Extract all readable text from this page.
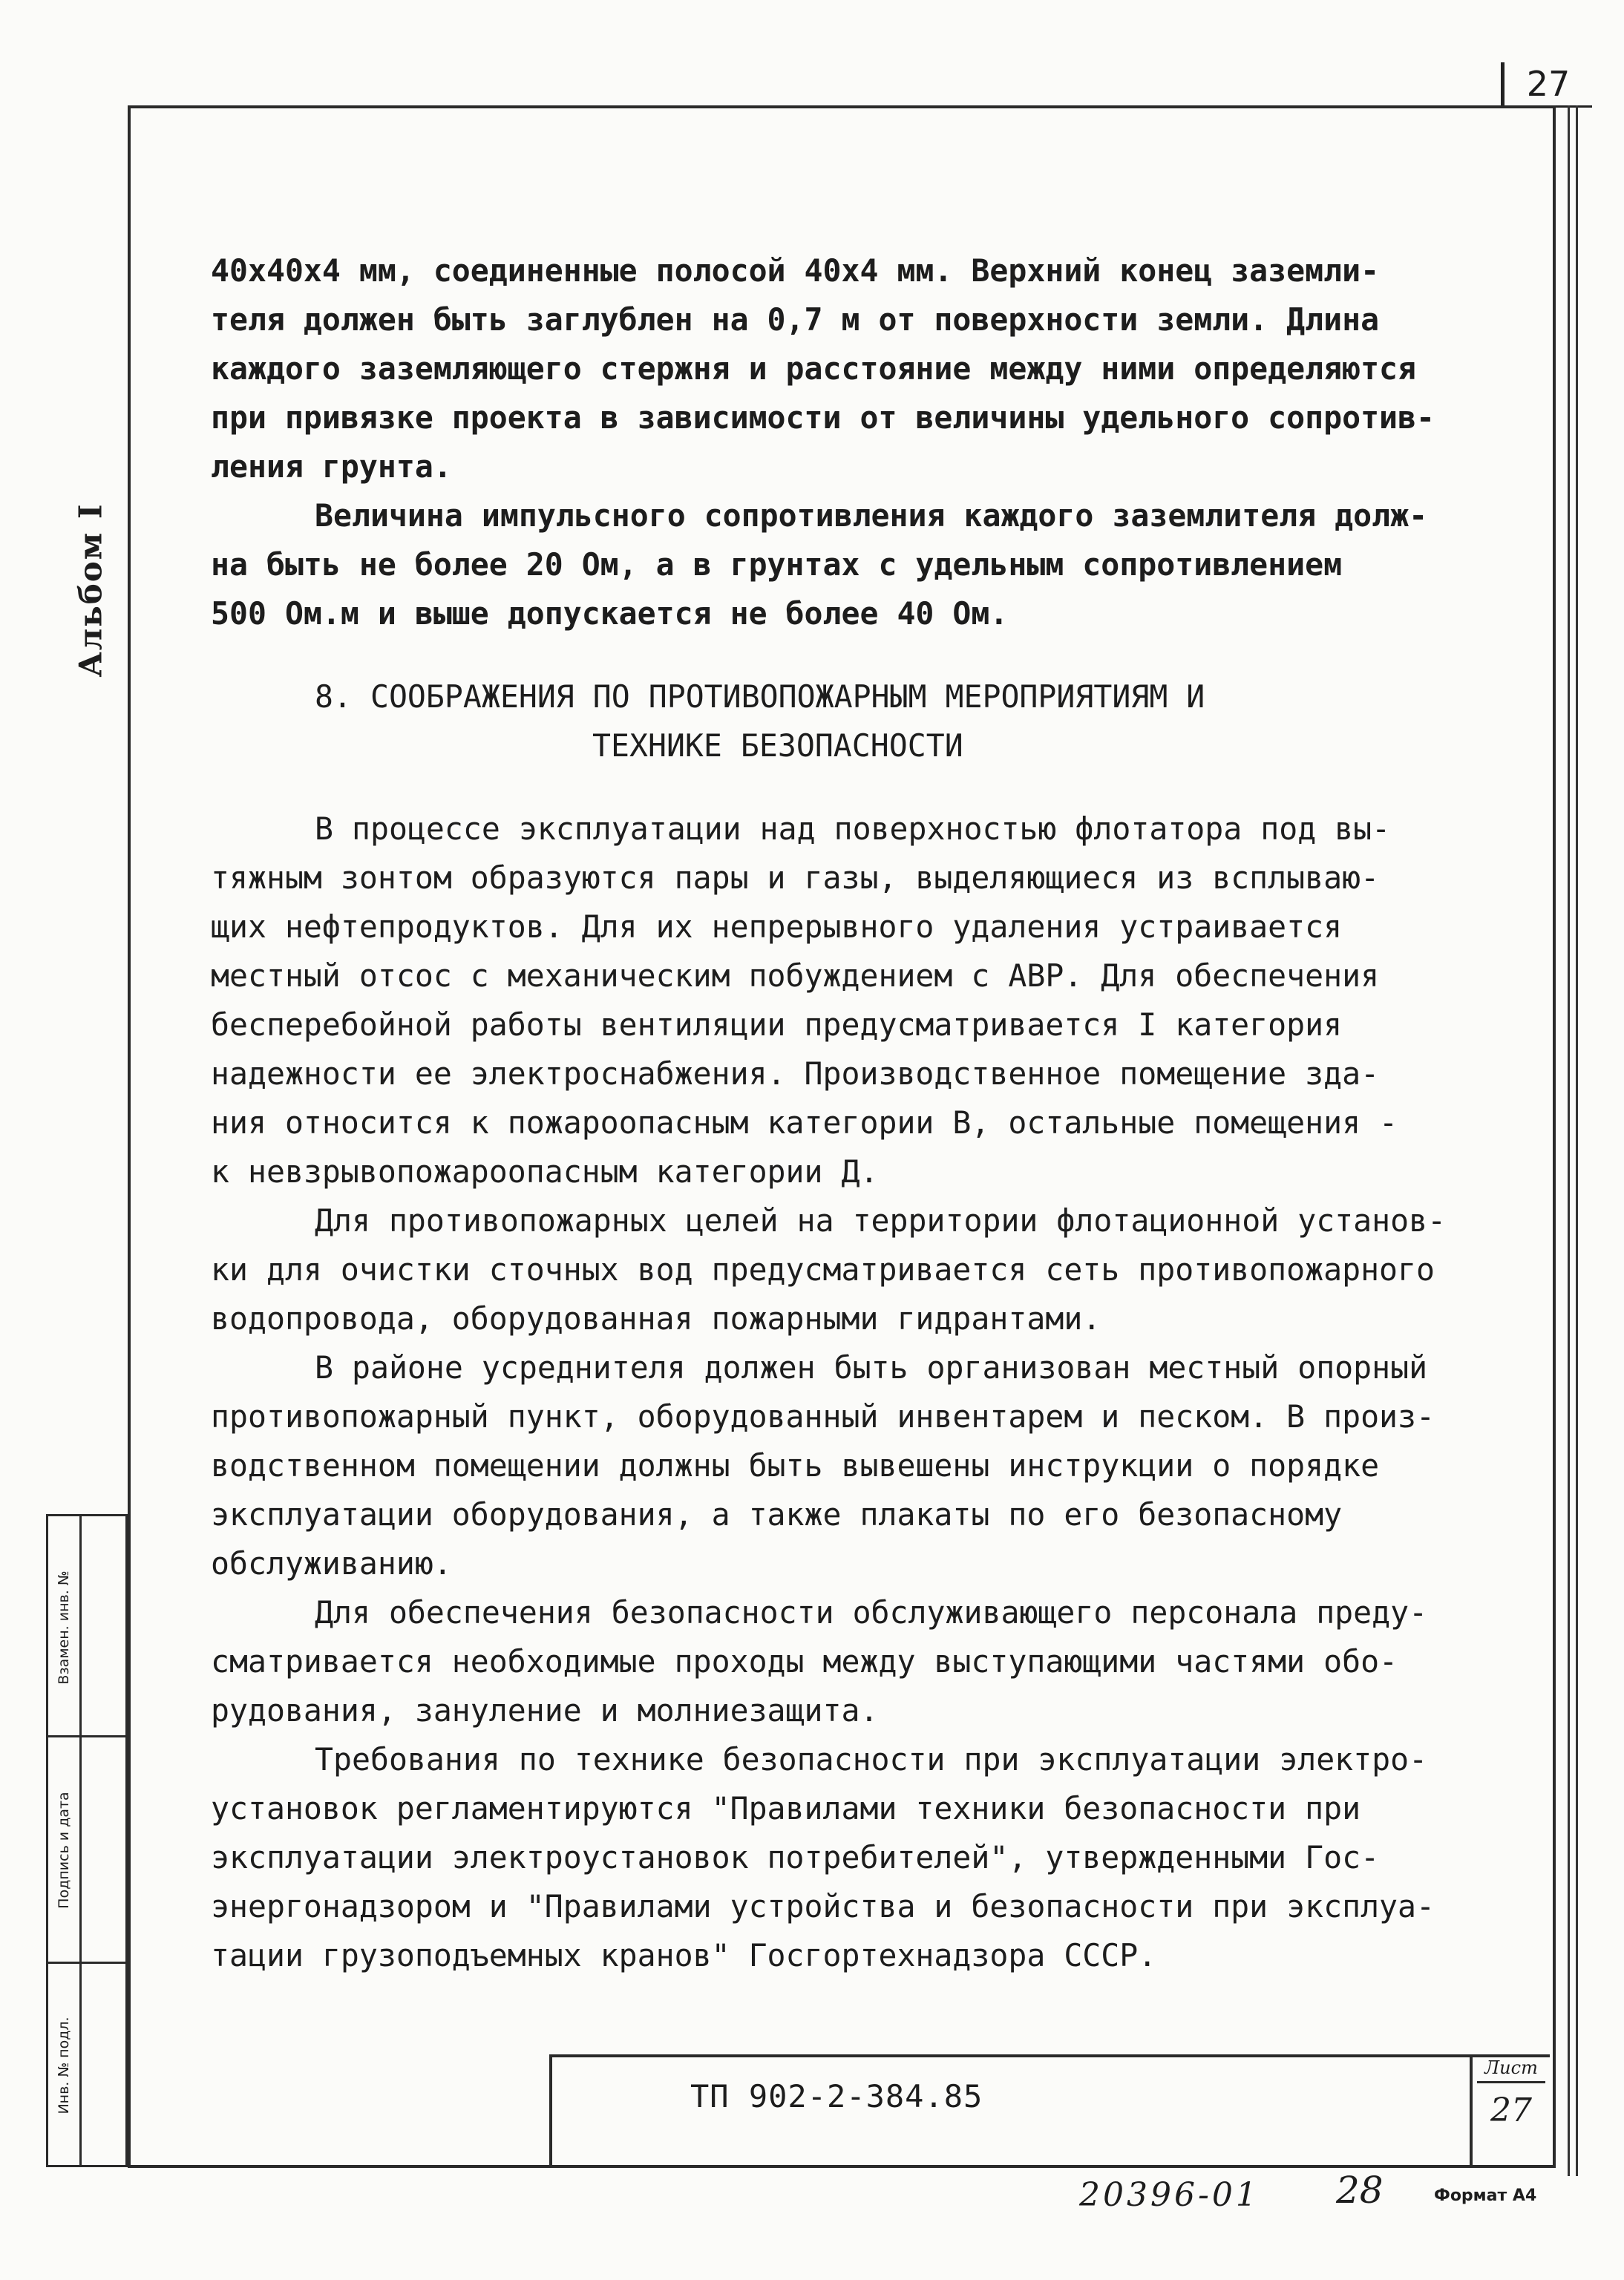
27
Альбом I
Взамен. инв. №
Подпись и дата
Инв. № подл.
40x40x4 мм, соединенные полосой 40x4 мм. Верхний конец заземли-
теля должен быть заглублен на 0,7 м от поверхности земли. Длина
каждого заземляющего стержня и расстояние между ними определяются
при привязке проекта в зависимости от величины удельного сопротив-
ления грунта.
Величина импульсного сопротивления каждого заземлителя долж-
на быть не более 20 Ом, а в грунтах с удельным сопротивлением
500 Ом.м и выше допускается не более 40 Ом.
8. СООБРАЖЕНИЯ ПО ПРОТИВОПОЖАРНЫМ МЕРОПРИЯТИЯМ И
ТЕХНИКЕ БЕЗОПАСНОСТИ
В процессе эксплуатации над поверхностью флотатора под вы-
тяжным зонтом образуются пары и газы, выделяющиеся из всплываю-
щих нефтепродуктов. Для их непрерывного удаления устраивается
местный отсос с механическим побуждением с АВР. Для обеспечения
бесперебойной работы вентиляции предусматривается I категория
надежности ее электроснабжения. Производственное помещение зда-
ния относится к пожароопасным категории В, остальные помещения -
к невзрывопожароопасным категории Д.
Для противопожарных целей на территории флотационной установ-
ки для очистки сточных вод предусматривается сеть противопожарного
водопровода, оборудованная пожарными гидрантами.
В районе усреднителя должен быть организован местный опорный
противопожарный пункт, оборудованный инвентарем и песком. В произ-
водственном помещении должны быть вывешены инструкции о порядке
эксплуатации оборудования, а также плакаты по его безопасному
обслуживанию.
Для обеспечения безопасности обслуживающего персонала преду-
сматривается необходимые проходы между выступающими частями обо-
рудования, зануление и молниезащита.
Требования по технике безопасности при эксплуатации электро-
установок регламентируются "Правилами техники безопасности при
эксплуатации электроустановок потребителей", утвержденными Гос-
энергонадзором и "Правилами устройства и безопасности при эксплуа-
тации грузоподъемных кранов" Госгортехнадзора СССР.
ТП 902-2-384.85
Лист
27
20396-01 28	Формат А4
